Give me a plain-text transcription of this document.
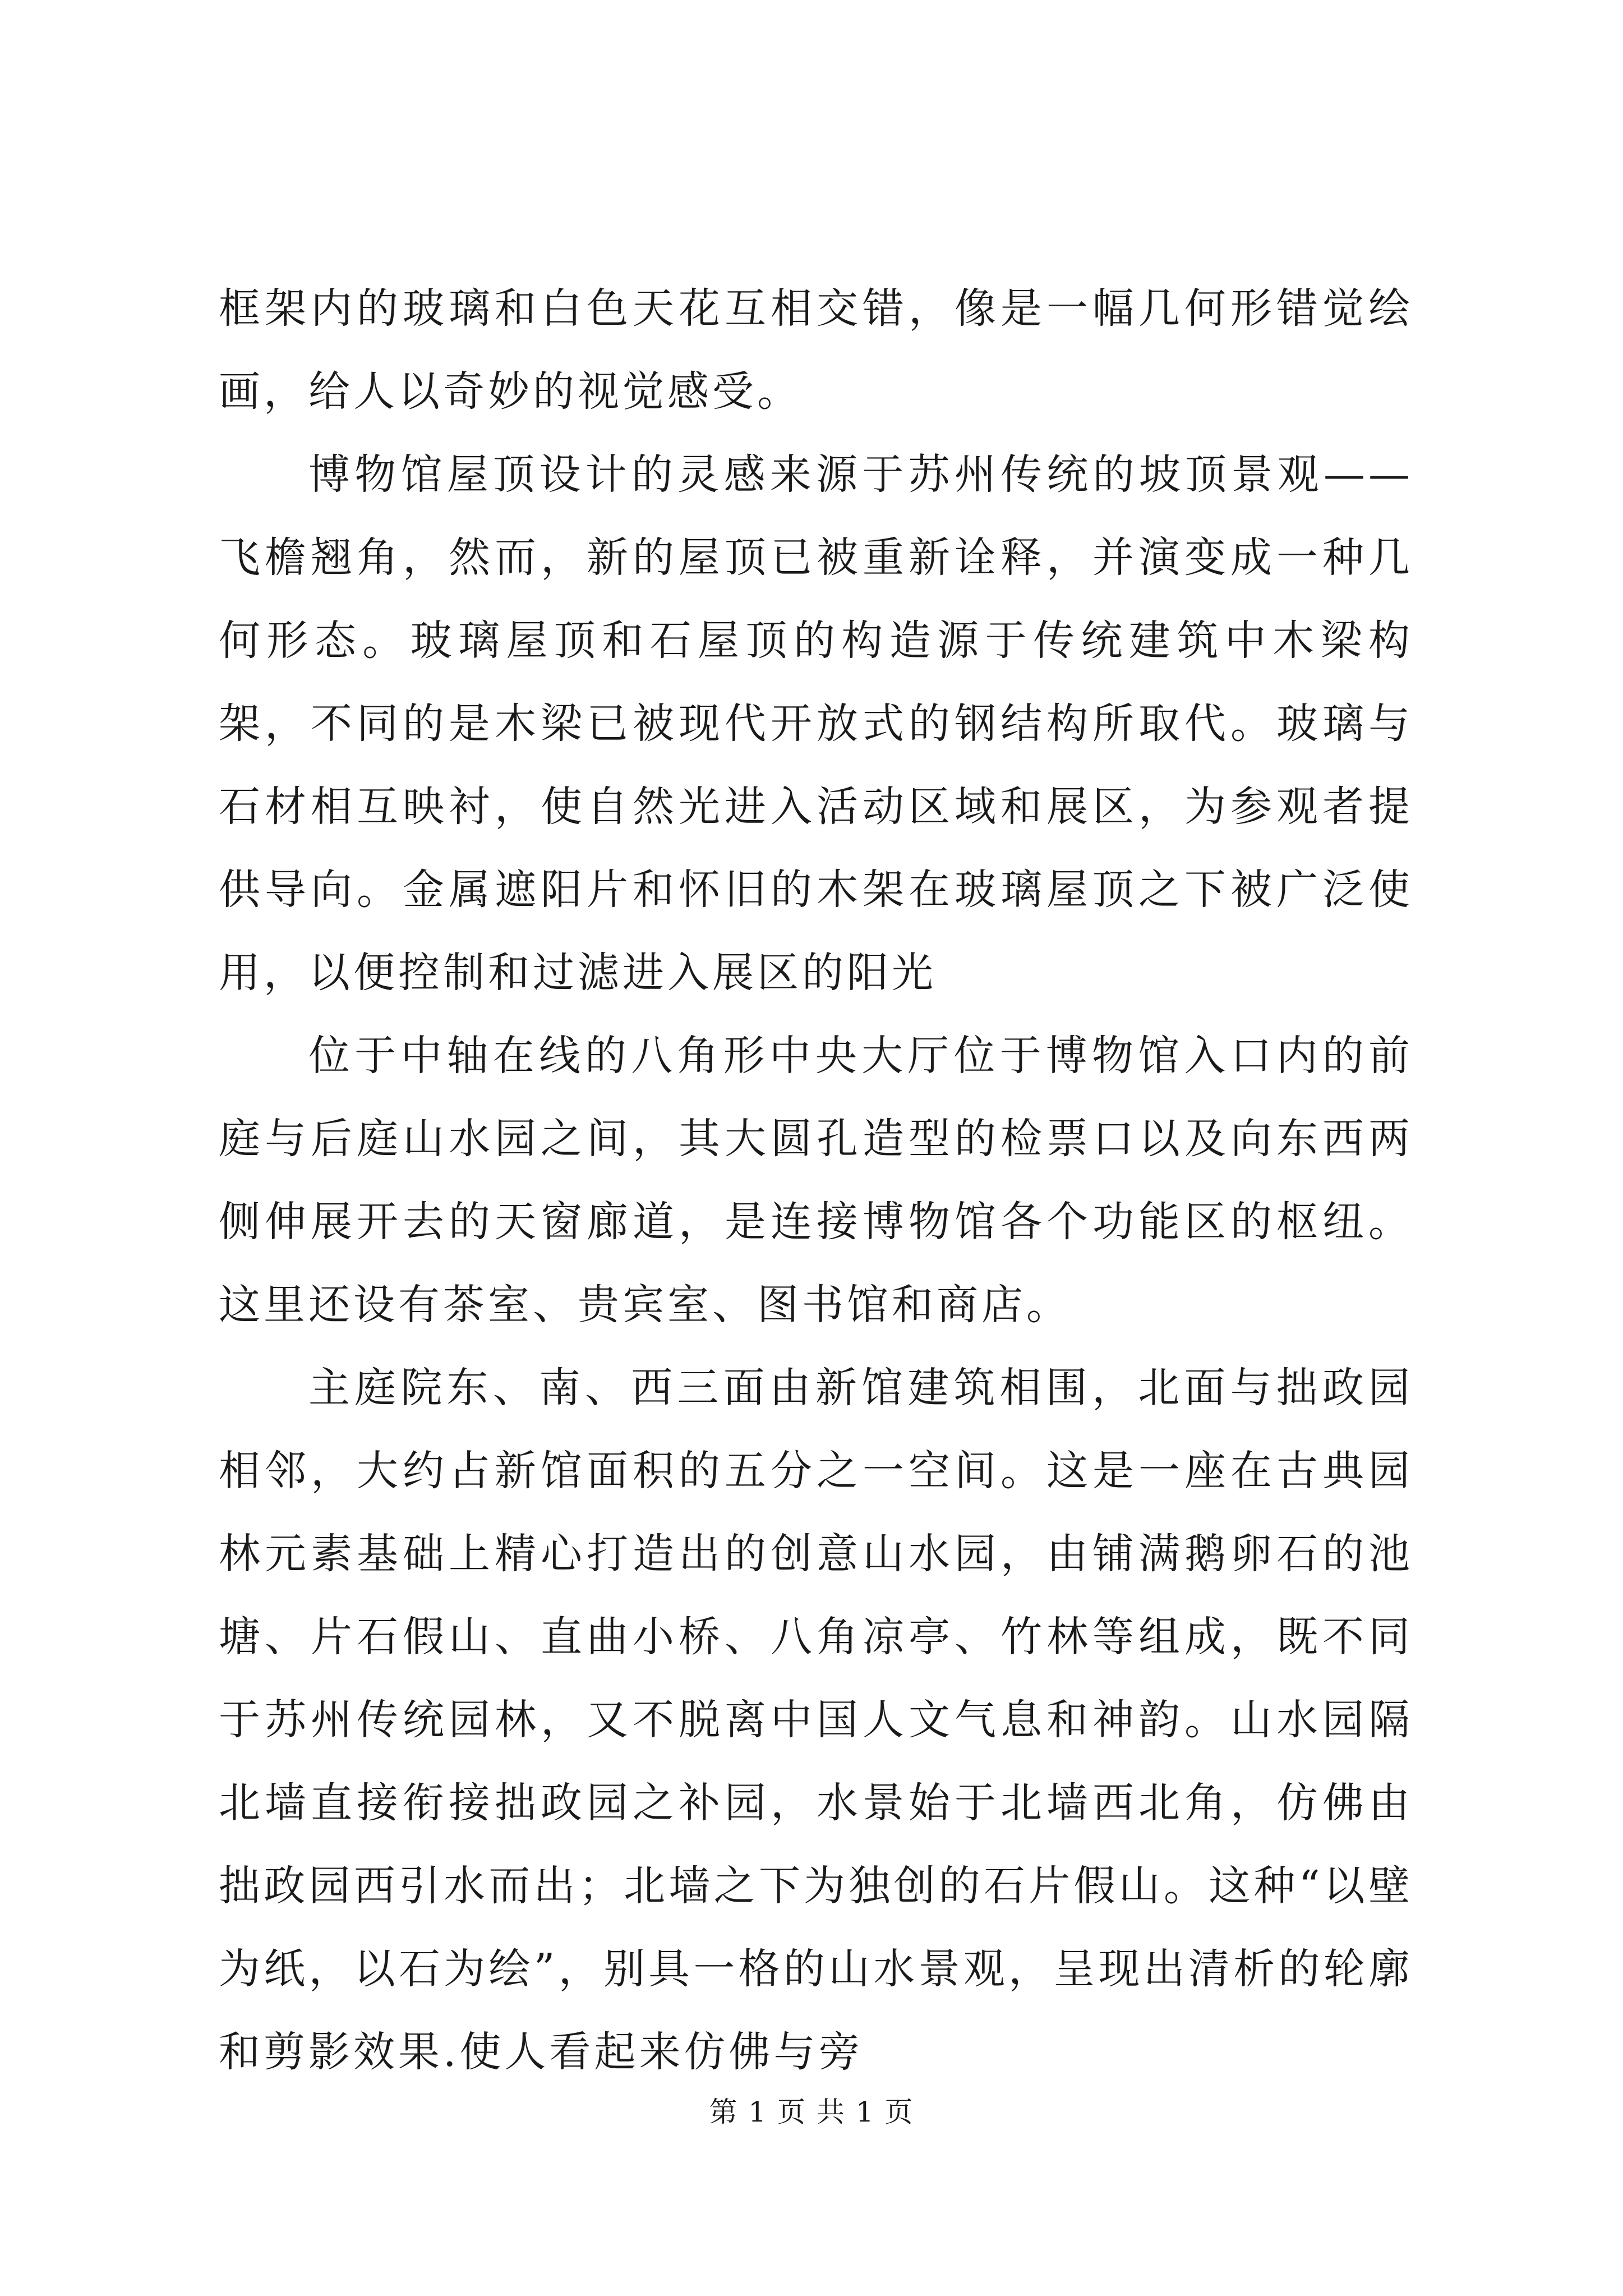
框架内的玻璃和白色天花互相交错，像是一幅几何形错觉绘画，给人以奇妙的视觉感受。

博物馆屋顶设计的灵感来源于苏州传统的坡顶景观——飞檐翘角，然而，新的屋顶已被重新诠释，并演变成一种几何形态。玻璃屋顶和石屋顶的构造源于传统建筑中木梁构架，不同的是木梁已被现代开放式的钢结构所取代。玻璃与石材相互映衬，使自然光进入活动区域和展区，为参观者提供导向。金属遮阳片和怀旧的木架在玻璃屋顶之下被广泛使用，以便控制和过滤进入展区的阳光

位于中轴在线的八角形中央大厅位于博物馆入口内的前庭与后庭山水园之间，其大圆孔造型的检票口以及向东西两侧伸展开去的天窗廊道，是连接博物馆各个功能区的枢纽。这里还设有茶室、贵宾室、图书馆和商店。

主庭院东、南、西三面由新馆建筑相围，北面与拙政园相邻，大约占新馆面积的五分之一空间。这是一座在古典园林元素基础上精心打造出的创意山水园，由铺满鹅卵石的池塘、片石假山、直曲小桥、八角凉亭、竹林等组成，既不同于苏州传统园林，又不脱离中国人文气息和神韵。山水园隔北墙直接衔接拙政园之补园，水景始于北墙西北角，仿佛由拙政园西引水而出；北墙之下为独创的石片假山。这种“以壁为纸，以石为绘”，别具一格的山水景观，呈现出清析的轮廓和剪影效果.使人看起来仿佛与旁

第 1 页 共 1 页
